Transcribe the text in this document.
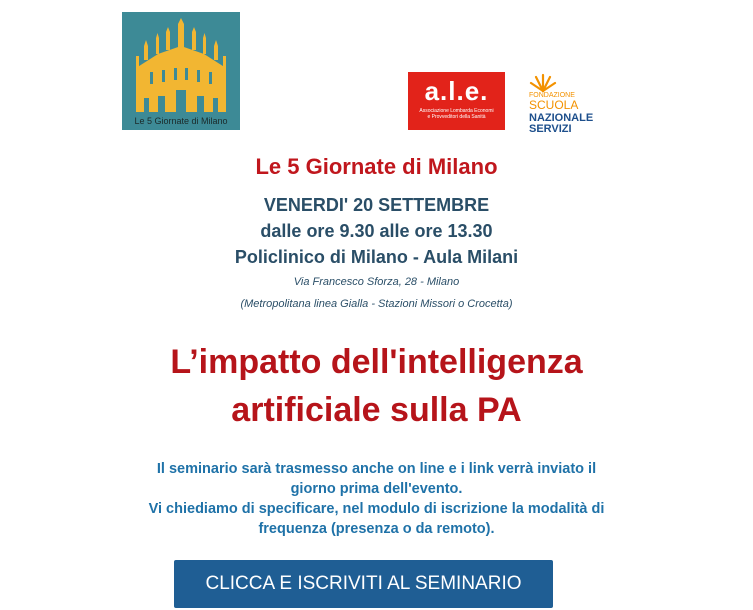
Le 5 Giornate di Milano
a.l.e.
Associazione Lombarda Economi
e Provveditori della Sanità
FONDAZIONE
SCUOLA
NAZIONALE
SERVIZI
Le 5 Giornate di Milano
VENERDI' 20 SETTEMBRE
dalle ore 9.30 alle ore 13.30
Policlinico di Milano - Aula Milani
Via Francesco Sforza, 28 - Milano
(Metropolitana linea Gialla - Stazioni Missori o Crocetta)
L’impatto dell'intelligenza
artificiale sulla PA
Il seminario sarà trasmesso anche on line e i link verrà inviato il
giorno prima dell'evento.
Vi chiediamo di specificare, nel modulo di iscrizione la modalità di
frequenza (presenza o da remoto).
CLICCA E ISCRIVITI AL SEMINARIO
